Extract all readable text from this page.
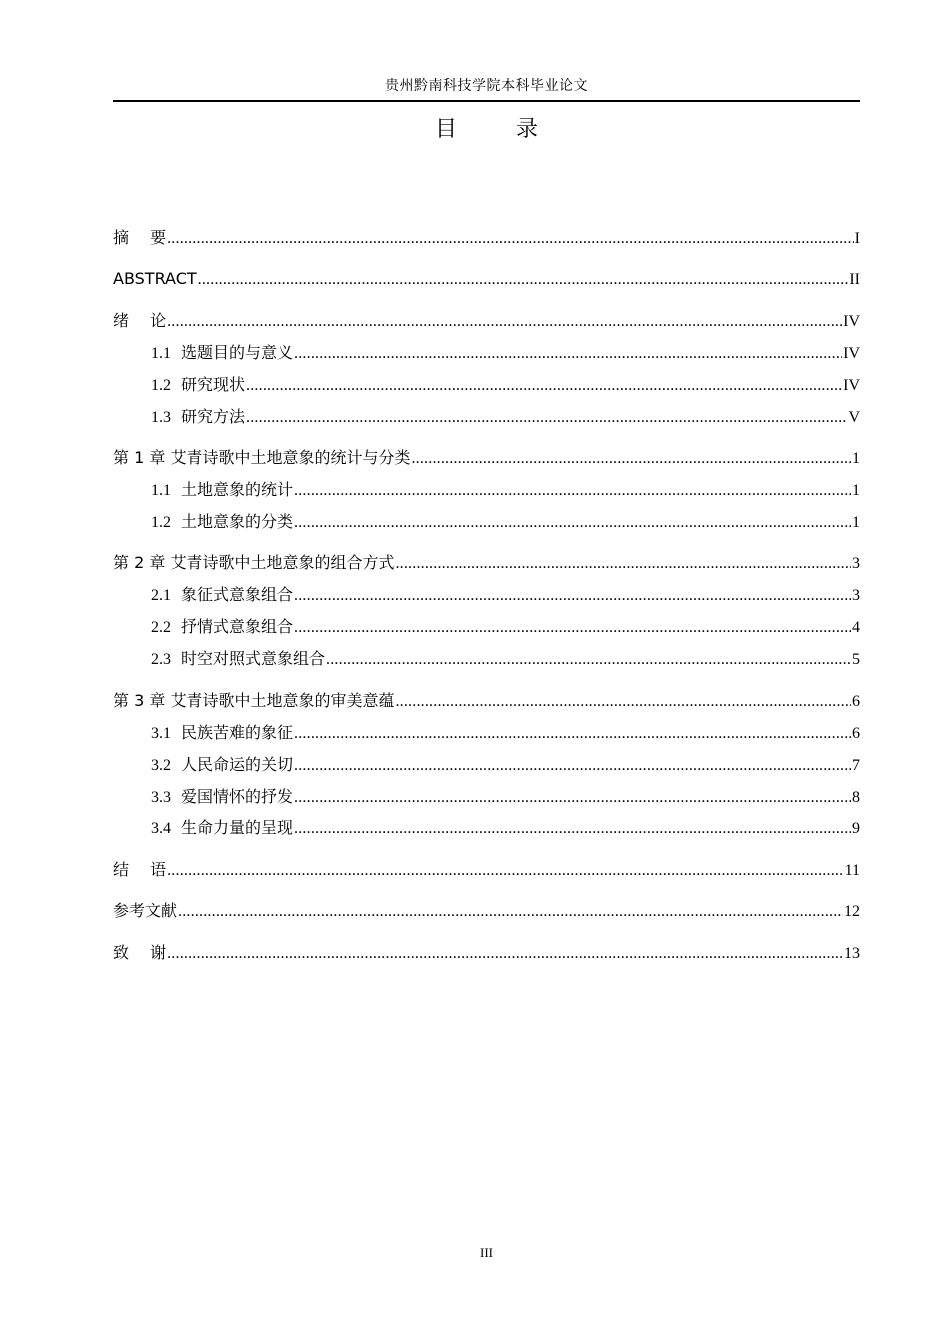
贵州黔南科技学院本科毕业论文
目 录
摘 要 .....	I
ABSTRACT .....	II
绪 论 .....	IV
1.1 选题目的与意义 .....	IV
1.2 研究现状 .....	IV
1.3 研究方法 .....	V
第 1 章 艾青诗歌中土地意象的统计与分类 .....	1
1.1 土地意象的统计 .....	1
1.2 土地意象的分类 .....	1
第 2 章 艾青诗歌中土地意象的组合方式 .....	3
2.1 象征式意象组合 .....	3
2.2 抒情式意象组合 .....	4
2.3 时空对照式意象组合 .....	5
第 3 章 艾青诗歌中土地意象的审美意蕴 .....	6
3.1 民族苦难的象征 .....	6
3.2 人民命运的关切 .....	7
3.3 爱国情怀的抒发 .....	8
3.4 生命力量的呈现 .....	9
结 语 .....	11
参考文献 .....	12
致 谢 .....	13
III
